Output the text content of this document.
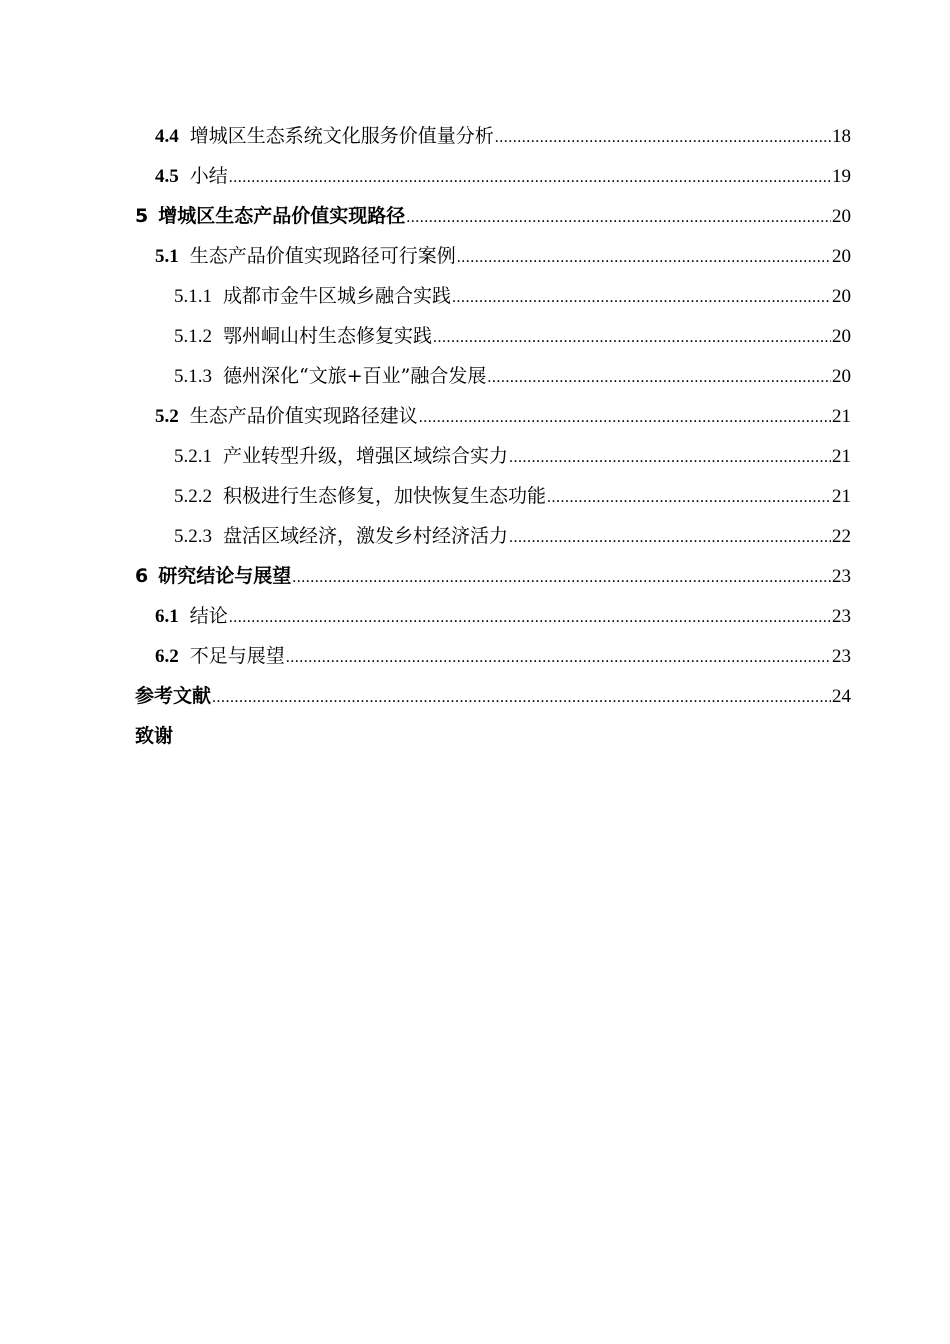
4.4 增城区生态系统文化服务价值量分析 .....	18
4.5 小结 .....	19
5 增城区生态产品价值实现路径 .....	20
5.1 生态产品价值实现路径可行案例 .....	20
5.1.1 成都市金牛区城乡融合实践 .....	20
5.1.2 鄂州峒山村生态修复实践 .....	20
5.1.3 德州深化“文旅+百业”融合发展 .....	20
5.2 生态产品价值实现路径建议 .....	21
5.2.1 产业转型升级，增强区域综合实力 .....	21
5.2.2 积极进行生态修复，加快恢复生态功能 .....	21
5.2.3 盘活区域经济，激发乡村经济活力 .....	22
6 研究结论与展望 .....	23
6.1 结论 .....	23
6.2 不足与展望 .....	23
参考文献 .....	24
致谢
